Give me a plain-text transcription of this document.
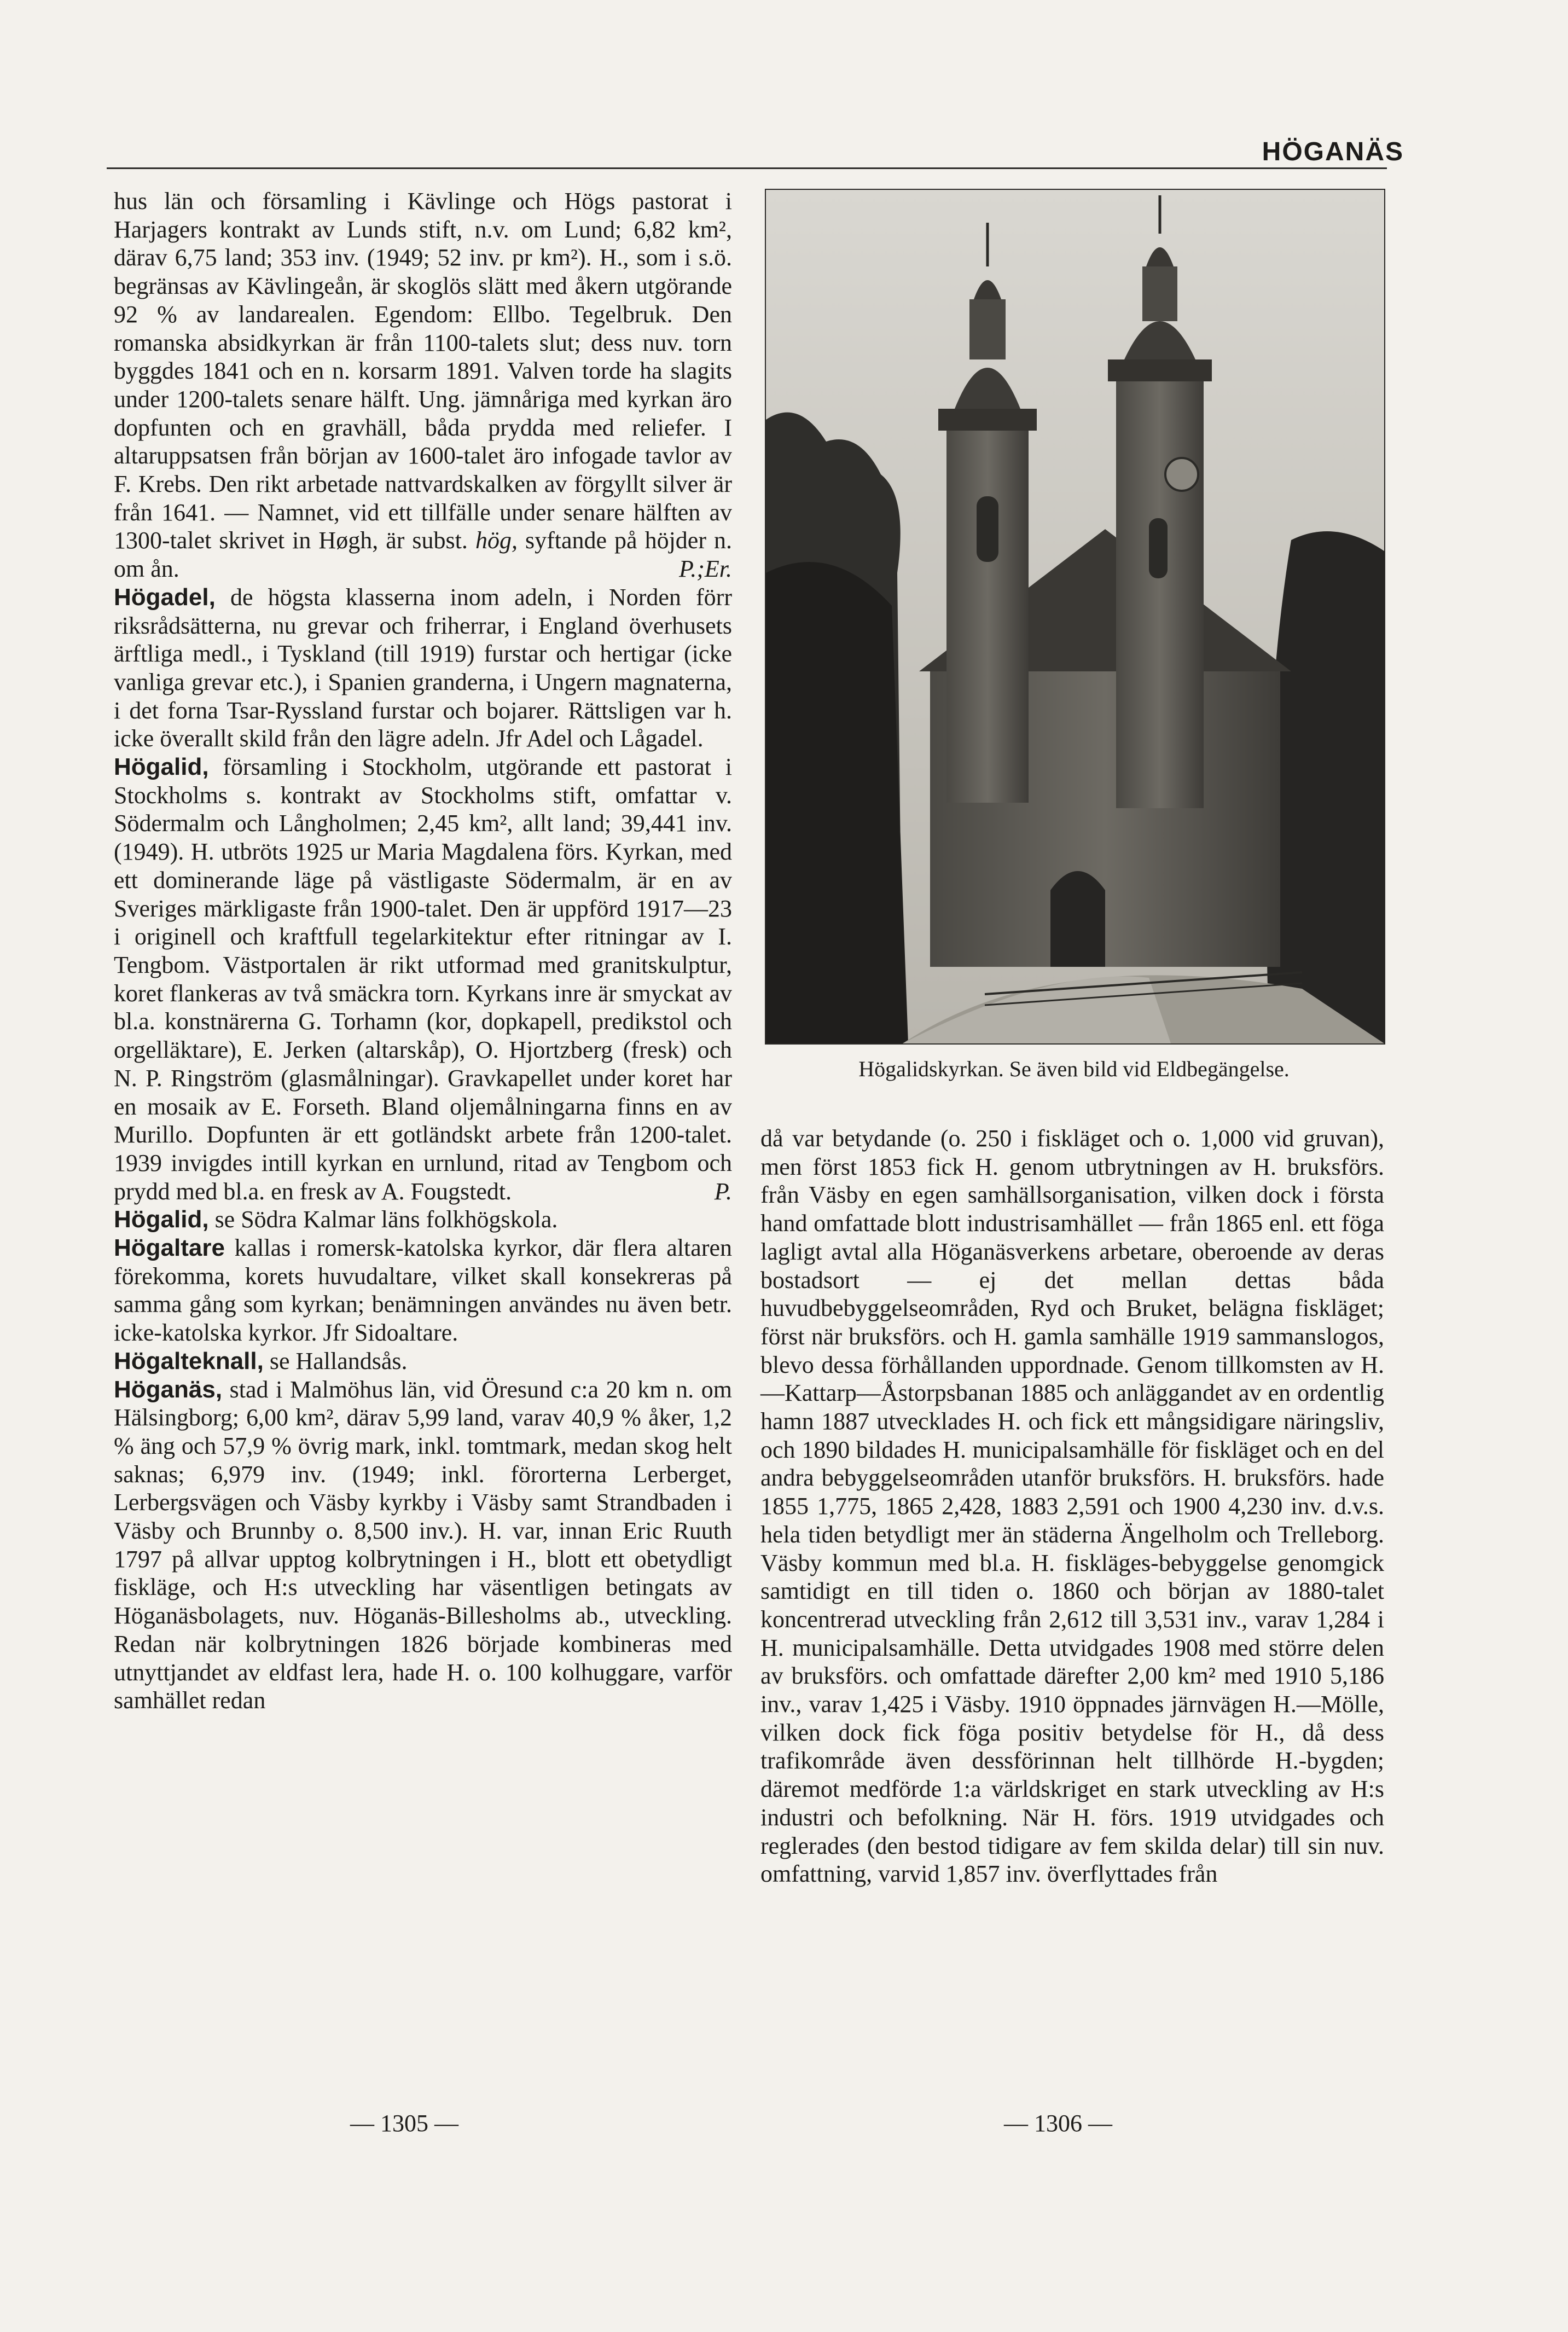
HÖGANÄS

hus län och församling i Kävlinge och Högs pastorat i Harjagers kontrakt av Lunds stift, n.v. om Lund; 6,82 km², därav 6,75 land; 353 inv. (1949; 52 inv. pr km²). H., som i s.ö. begränsas av Kävlingeån, är skoglös slätt med åkern utgörande 92 % av landarealen. Egendom: Ellbo. Tegelbruk. Den romanska absidkyrkan är från 1100-talets slut; dess nuv. torn byggdes 1841 och en n. korsarm 1891. Valven torde ha slagits under 1200-talets senare hälft. Ung. jämnåriga med kyrkan äro dopfunten och en gravhäll, båda prydda med reliefer. I altaruppsatsen från början av 1600-talet äro infogade tavlor av F. Krebs. Den rikt arbetade nattvardskalken av förgyllt silver är från 1641. — Namnet, vid ett tillfälle under senare hälften av 1300-talet skrivet in Høgh, är subst. hög, syftande på höjder n. om ån.	P.;Er.

Högadel, de högsta klasserna inom adeln, i Norden förr riksrådsätterna, nu grevar och friherrar, i England överhusets ärftliga medl., i Tyskland (till 1919) furstar och hertigar (icke vanliga grevar etc.), i Spanien granderna, i Ungern magnaterna, i det forna Tsar-Ryssland furstar och bojarer. Rättsligen var h. icke överallt skild från den lägre adeln. Jfr Adel och Lågadel.

Högalid, församling i Stockholm, utgörande ett pastorat i Stockholms s. kontrakt av Stockholms stift, omfattar v. Södermalm och Långholmen; 2,45 km², allt land; 39,441 inv. (1949). H. utbröts 1925 ur Maria Magdalena förs. Kyrkan, med ett dominerande läge på västligaste Södermalm, är en av Sveriges märkligaste från 1900-talet. Den är uppförd 1917—23 i originell och kraftfull tegelarkitektur efter ritningar av I. Tengbom. Västportalen är rikt utformad med granitskulptur, koret flankeras av två smäckra torn. Kyrkans inre är smyckat av bl.a. konstnärerna G. Torhamn (kor, dopkapell, predikstol och orgelläktare), E. Jerken (altarskåp), O. Hjortzberg (fresk) och N. P. Ringström (glasmålningar). Gravkapellet under koret har en mosaik av E. Forseth. Bland oljemålningarna finns en av Murillo. Dopfunten är ett gotländskt arbete från 1200-talet. 1939 invigdes intill kyrkan en urnlund, ritad av Tengbom och prydd med bl.a. en fresk av A. Fougstedt.	P.

Högalid, se Södra Kalmar läns folkhögskola.

Högaltare kallas i romersk-katolska kyrkor, där flera altaren förekomma, korets huvudaltare, vilket skall konsekreras på samma gång som kyrkan; benämningen användes nu även betr. icke-katolska kyrkor. Jfr Sidoaltare.

Högalteknall, se Hallandsås.

Höganäs, stad i Malmöhus län, vid Öresund c:a 20 km n. om Hälsingborg; 6,00 km², därav 5,99 land, varav 40,9 % åker, 1,2 % äng och 57,9 % övrig mark, inkl. tomtmark, medan skog helt saknas; 6,979 inv. (1949; inkl. förorterna Lerberget, Lerbergsvägen och Väsby kyrkby i Väsby samt Strandbaden i Väsby och Brunnby o. 8,500 inv.). H. var, innan Eric Ruuth 1797 på allvar upptog kolbrytningen i H., blott ett obetydligt fiskläge, och H:s utveckling har väsentligen betingats av Höganäsbolagets, nuv. Höganäs-Billesholms ab., utveckling. Redan när kolbrytningen 1826 började kombineras med utnyttjandet av eldfast lera, hade H. o. 100 kolhuggare, varför samhället redan

Högalidskyrkan. Se även bild vid Eldbegängelse.

då var betydande (o. 250 i fiskläget och o. 1,000 vid gruvan), men först 1853 fick H. genom utbrytningen av H. bruksförs. från Väsby en egen samhällsorganisation, vilken dock i första hand omfattade blott industrisamhället — från 1865 enl. ett föga lagligt avtal alla Höganäsverkens arbetare, oberoende av deras bostadsort — ej det mellan dettas båda huvudbebyggelseområden, Ryd och Bruket, belägna fiskläget; först när bruksförs. och H. gamla samhälle 1919 sammanslogos, blevo dessa förhållanden uppordnade. Genom tillkomsten av H.—Kattarp—Åstorpsbanan 1885 och anläggandet av en ordentlig hamn 1887 utvecklades H. och fick ett mångsidigare näringsliv, och 1890 bildades H. municipalsamhälle för fiskläget och en del andra bebyggelseområden utanför bruksförs. H. bruksförs. hade 1855 1,775, 1865 2,428, 1883 2,591 och 1900 4,230 inv. d.v.s. hela tiden betydligt mer än städerna Ängelholm och Trelleborg. Väsby kommun med bl.a. H. fiskläges-bebyggelse genomgick samtidigt en till tiden o. 1860 och början av 1880-talet koncentrerad utveckling från 2,612 till 3,531 inv., varav 1,284 i H. municipalsamhälle. Detta utvidgades 1908 med större delen av bruksförs. och omfattade därefter 2,00 km² med 1910 5,186 inv., varav 1,425 i Väsby. 1910 öppnades järnvägen H.—Mölle, vilken dock fick föga positiv betydelse för H., då dess trafikområde även dessförinnan helt tillhörde H.-bygden; däremot medförde 1:a världskriget en stark utveckling av H:s industri och befolkning. När H. förs. 1919 utvidgades och reglerades (den bestod tidigare av fem skilda delar) till sin nuv. omfattning, varvid 1,857 inv. överflyttades från

— 1305 —	— 1306 —
